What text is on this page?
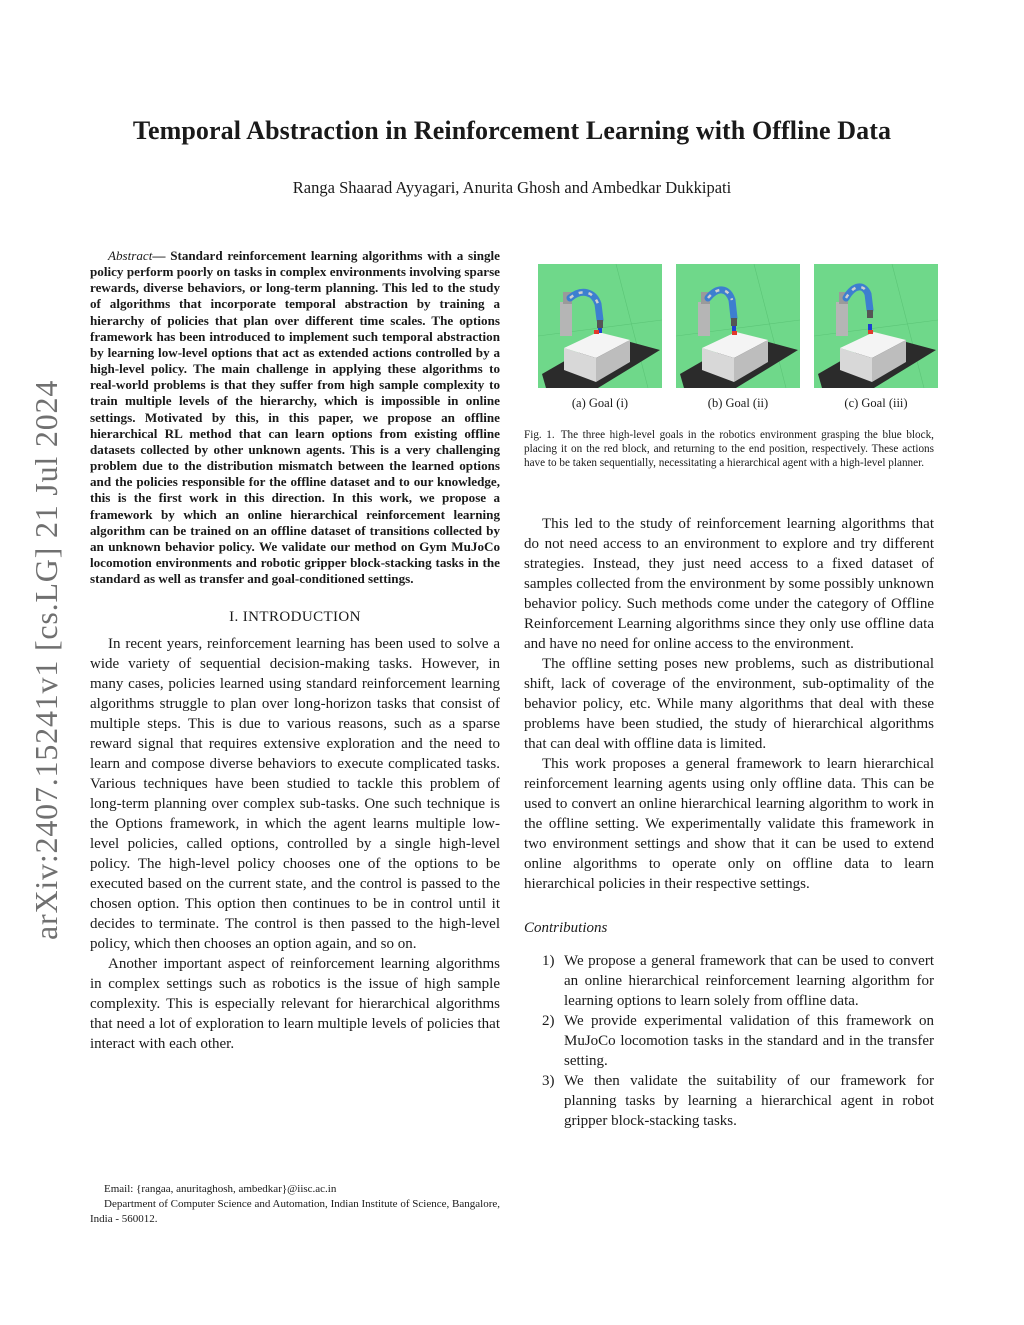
arXiv:2407.15241v1 [cs.LG] 21 Jul 2024
Temporal Abstraction in Reinforcement Learning with Offline Data
Ranga Shaarad Ayyagari, Anurita Ghosh and Ambedkar Dukkipati

Abstract— Standard reinforcement learning algorithms with a single policy perform poorly on tasks in complex environments involving sparse rewards, diverse behaviors, or long-term planning. This led to the study of algorithms that incorporate temporal abstraction by training a hierarchy of policies that plan over different time scales. The options framework has been introduced to implement such temporal abstraction by learning low-level options that act as extended actions controlled by a high-level policy. The main challenge in applying these algorithms to real-world problems is that they suffer from high sample complexity to train multiple levels of the hierarchy, which is impossible in online settings. Motivated by this, in this paper, we propose an offline hierarchical RL method that can learn options from existing offline datasets collected by other unknown agents. This is a very challenging problem due to the distribution mismatch between the learned options and the policies responsible for the offline dataset and to our knowledge, this is the first work in this direction. In this work, we propose a framework by which an online hierarchical reinforcement learning algorithm can be trained on an offline dataset of transitions collected by an unknown behavior policy. We validate our method on Gym MuJoCo locomotion environments and robotic gripper block-stacking tasks in the standard as well as transfer and goal-conditioned settings.

I. INTRODUCTION

In recent years, reinforcement learning has been used to solve a wide variety of sequential decision-making tasks. However, in many cases, policies learned using standard reinforcement learning algorithms struggle to plan over long-horizon tasks that consist of multiple steps. This is due to various reasons, such as a sparse reward signal that requires extensive exploration and the need to learn and compose diverse behaviors to execute complicated tasks. Various techniques have been studied to tackle this problem of long-term planning over complex sub-tasks. One such technique is the Options framework, in which the agent learns multiple low-level policies, called options, controlled by a single high-level policy. The high-level policy chooses one of the options to be executed based on the current state, and the control is passed to the chosen option. This option then continues to be in control until it decides to terminate. The control is then passed to the high-level policy, which then chooses an option again, and so on.

Another important aspect of reinforcement learning algorithms in complex settings such as robotics is the issue of high sample complexity. This is especially relevant for hierarchical algorithms that need a lot of exploration to learn multiple levels of policies that interact with each other.

Email: {rangaa, anuritaghosh, ambedkar}@iisc.ac.in

Department of Computer Science and Automation, Indian Institute of Science, Bangalore, India - 560012.

(a) Goal (i)	(b) Goal (ii)	(c) Goal (iii)

Fig. 1. The three high-level goals in the robotics environment grasping the blue block, placing it on the red block, and returning to the end position, respectively. These actions have to be taken sequentially, necessitating a hierarchical agent with a high-level planner.

This led to the study of reinforcement learning algorithms that do not need access to an environment to explore and try different strategies. Instead, they just need access to a fixed dataset of samples collected from the environment by some possibly unknown behavior policy. Such methods come under the category of Offline Reinforcement Learning algorithms since they only use offline data and have no need for online access to the environment.

The offline setting poses new problems, such as distributional shift, lack of coverage of the environment, sub-optimality of the behavior policy, etc. While many algorithms that deal with these problems have been studied, the study of hierarchical algorithms that can deal with offline data is limited.

This work proposes a general framework to learn hierarchical reinforcement learning agents using only offline data. This can be used to convert an online hierarchical learning algorithm to work in the offline setting. We experimentally validate this framework in two environment settings and show that it can be used to extend online algorithms to operate only on offline data to learn hierarchical policies in their respective settings.

Contributions
1) We propose a general framework that can be used to convert an online hierarchical reinforcement learning algorithm for learning options to learn solely from offline data.
2) We provide experimental validation of this framework on MuJoCo locomotion tasks in the standard and in the transfer setting.
3) We then validate the suitability of our framework for planning tasks by learning a hierarchical agent in robot gripper block-stacking tasks.
